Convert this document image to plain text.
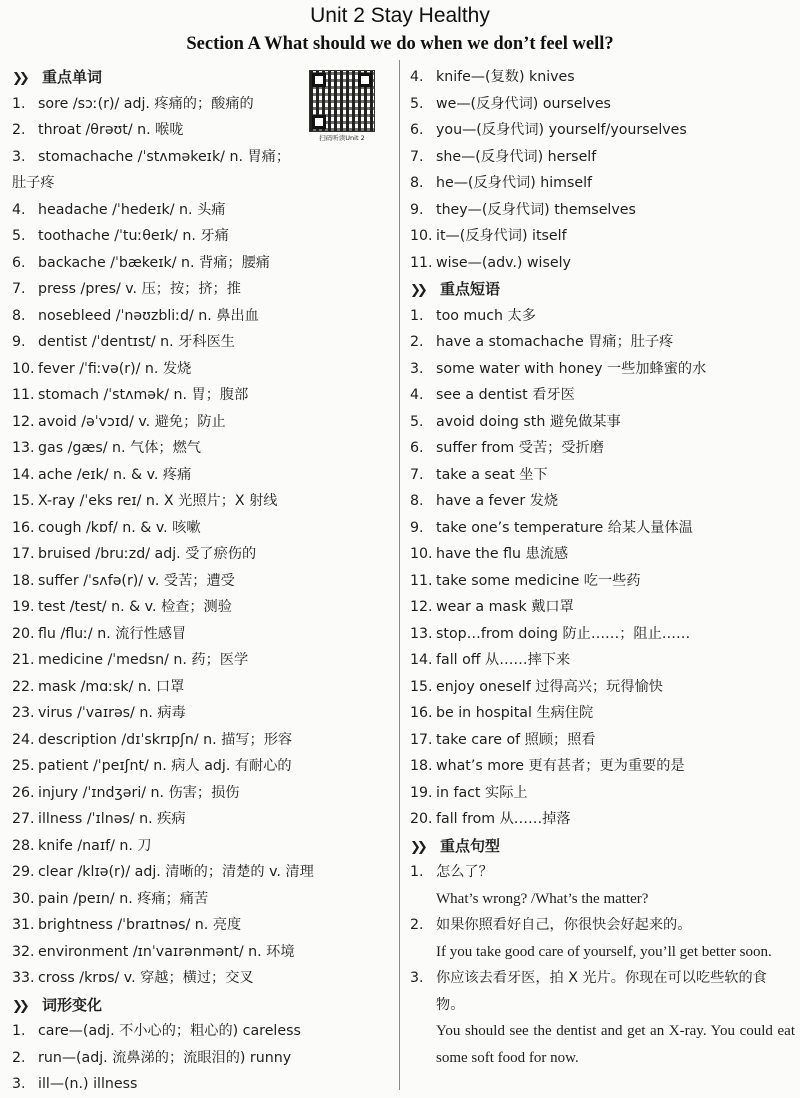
Unit 2 Stay Healthy
Section A What should we do when we don’t feel well?
扫码听读Unit 2
❯❯ 重点单词
1. sore /sɔː(r)/ adj. 疼痛的；酸痛的
2. throat /θrəʊt/ n. 喉咙
3. stomachache /ˈstʌməkeɪk/ n. 胃痛；
肚子疼
4. headache /ˈhedeɪk/ n. 头痛
5. toothache /ˈtuːθeɪk/ n. 牙痛
6. backache /ˈbækeɪk/ n. 背痛；腰痛
7. press /pres/ v. 压；按；挤；推
8. nosebleed /ˈnəʊzbliːd/ n. 鼻出血
9. dentist /ˈdentɪst/ n. 牙科医生
10. fever /ˈfiːvə(r)/ n. 发烧
11. stomach /ˈstʌmək/ n. 胃；腹部
12. avoid /əˈvɔɪd/ v. 避免；防止
13. gas /gæs/ n. 气体；燃气
14. ache /eɪk/ n. & v. 疼痛
15. X-ray /ˈeks reɪ/ n. X 光照片；X 射线
16. cough /kɒf/ n. & v. 咳嗽
17. bruised /bruːzd/ adj. 受了瘀伤的
18. suffer /ˈsʌfə(r)/ v. 受苦；遭受
19. test /test/ n. & v. 检查；测验
20. flu /fluː/ n. 流行性感冒
21. medicine /ˈmedsn/ n. 药；医学
22. mask /mɑːsk/ n. 口罩
23. virus /ˈvaɪrəs/ n. 病毒
24. description /dɪˈskrɪpʃn/ n. 描写；形容
25. patient /ˈpeɪʃnt/ n. 病人 adj. 有耐心的
26. injury /ˈɪndʒəri/ n. 伤害；损伤
27. illness /ˈɪlnəs/ n. 疾病
28. knife /naɪf/ n. 刀
29. clear /klɪə(r)/ adj. 清晰的；清楚的 v. 清理
30. pain /peɪn/ n. 疼痛；痛苦
31. brightness /ˈbraɪtnəs/ n. 亮度
32. environment /ɪnˈvaɪrənmənt/ n. 环境
33. cross /krɒs/ v. 穿越；横过；交叉
❯❯ 词形变化
1. care—(adj. 不小心的；粗心的) careless
2. run—(adj. 流鼻涕的；流眼泪的) runny
3. ill—(n.) illness
4. knife—(复数) knives
5. we—(反身代词) ourselves
6. you—(反身代词) yourself/yourselves
7. she—(反身代词) herself
8. he—(反身代词) himself
9. they—(反身代词) themselves
10. it—(反身代词) itself
11. wise—(adv.) wisely
❯❯ 重点短语
1. too much 太多
2. have a stomachache 胃痛；肚子疼
3. some water with honey 一些加蜂蜜的水
4. see a dentist 看牙医
5. avoid doing sth 避免做某事
6. suffer from 受苦；受折磨
7. take a seat 坐下
8. have a fever 发烧
9. take one’s temperature 给某人量体温
10. have the flu 患流感
11. take some medicine 吃一些药
12. wear a mask 戴口罩
13. stop…from doing 防止……；阻止……
14. fall off 从……摔下来
15. enjoy oneself 过得高兴；玩得愉快
16. be in hospital 生病住院
17. take care of 照顾；照看
18. what’s more 更有甚者；更为重要的是
19. in fact 实际上
20. fall from 从……掉落
❯❯ 重点句型
1. 怎么了？
What’s wrong? /What’s the matter?
2. 如果你照看好自己，你很快会好起来的。
If you take good care of yourself, you’ll get better soon.
3. 你应该去看牙医，拍 X 光片。你现在可以吃些软的食物。
You should see the dentist and get an X-ray. You could eat some soft food for now.
